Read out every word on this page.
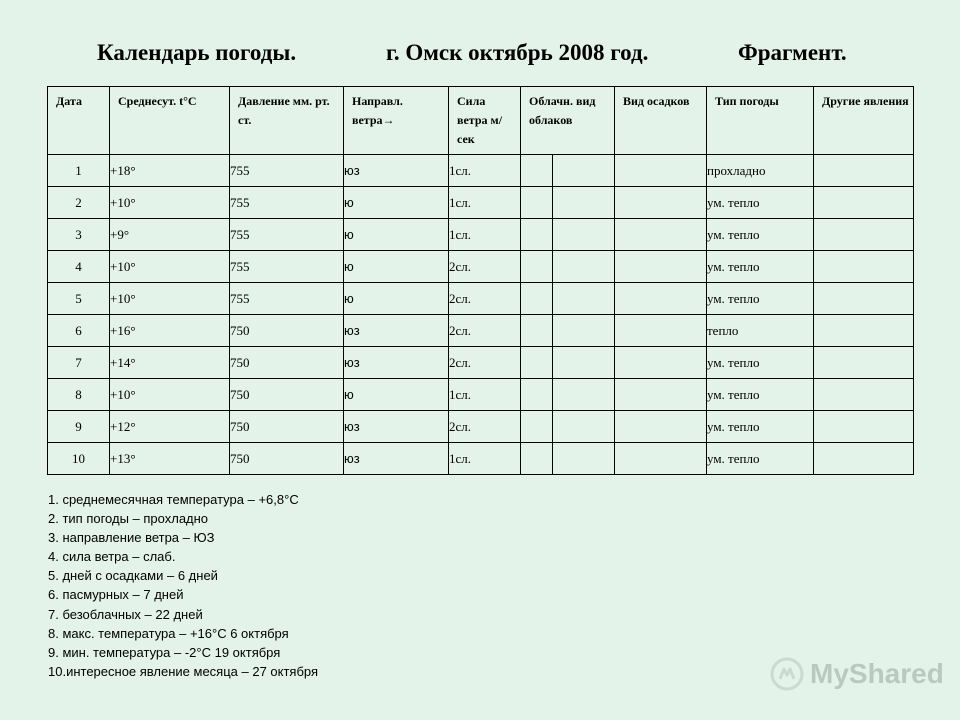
Календарь погоды.	г. Омск октябрь 2008 год.	Фрагмент.
Дата	Среднесут. t°C	Давление мм. рт. ст.	Направл. ветра→	Сила ветра м/сек	Облачн. вид облаков		Вид осадков	Тип погоды	Другие явления
1	+18°	755	юз	1сл.				прохладно	
2	+10°	755	ю	1сл.				ум. тепло	
3	+9°	755	ю	1сл.				ум. тепло	
4	+10°	755	ю	2сл.				ум. тепло	
5	+10°	755	ю	2сл.				ум. тепло	
6	+16°	750	юз	2сл.				тепло	
7	+14°	750	юз	2сл.				ум. тепло	
8	+10°	750	ю	1сл.				ум. тепло	
9	+12°	750	юз	2сл.				ум. тепло	
10	+13°	750	юз	1сл.				ум. тепло	
1. среднемесячная температура – +6,8°С
2. тип погоды – прохладно
3. направление ветра – ЮЗ
4. сила ветра – слаб.
5. дней с осадками – 6 дней
6. пасмурных – 7 дней
7. безоблачных – 22 дней
8. макс. температура – +16°С 6 октября
9. мин. температура – -2°С 19 октября
10.интересное явление месяца – 27 октября	MyShared
